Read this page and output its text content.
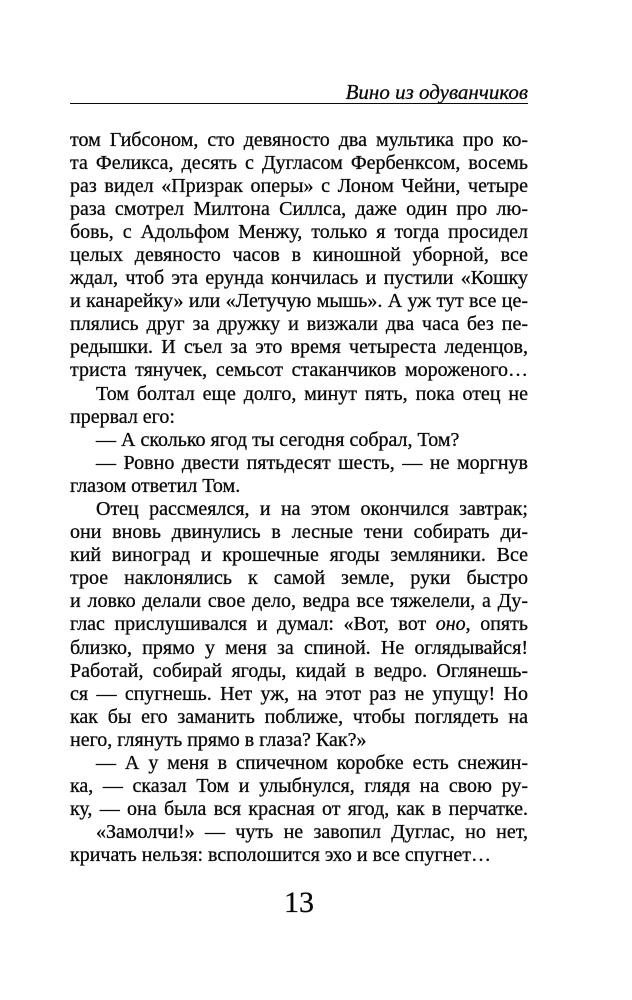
Вино из одуванчиков
том Гибсоном, сто девяносто два мультика про ко-
та Феликса, десять с Дугласом Фербенксом, восемь
раз видел «Призрак оперы» с Лоном Чейни, четыре
раза смотрел Милтона Силлса, даже один про лю-
бовь, с Адольфом Менжу, только я тогда просидел
целых девяносто часов в киношной уборной, все
ждал, чтоб эта ерунда кончилась и пустили «Кошку
и канарейку» или «Летучую мышь». А уж тут все це-
плялись друг за дружку и визжали два часа без пе-
редышки. И съел за это время четыреста леденцов,
триста тянучек, семьсот стаканчиков мороженого…
Том болтал еще долго, минут пять, пока отец не
прервал его:
— А сколько ягод ты сегодня собрал, Том?
— Ровно двести пятьдесят шесть, — не моргнув
глазом ответил Том.
Отец рассмеялся, и на этом окончился завтрак;
они вновь двинулись в лесные тени собирать ди-
кий виноград и крошечные ягоды земляники. Все
трое наклонялись к самой земле, руки быстро
и ловко делали свое дело, ведра все тяжелели, а Ду-
глас прислушивался и думал: «Вот, вот оно, опять
близко, прямо у меня за спиной. Не оглядывайся!
Работай, собирай ягоды, кидай в ведро. Оглянешь-
ся — спугнешь. Нет уж, на этот раз не упущу! Но
как бы его заманить поближе, чтобы поглядеть на
него, глянуть прямо в глаза? Как?»
— А у меня в спичечном коробке есть снежин-
ка, — сказал Том и улыбнулся, глядя на свою ру-
ку, — она была вся красная от ягод, как в перчатке.
«Замолчи!» — чуть не завопил Дуглас, но нет,
кричать нельзя: всполошится эхо и все спугнет…
13
